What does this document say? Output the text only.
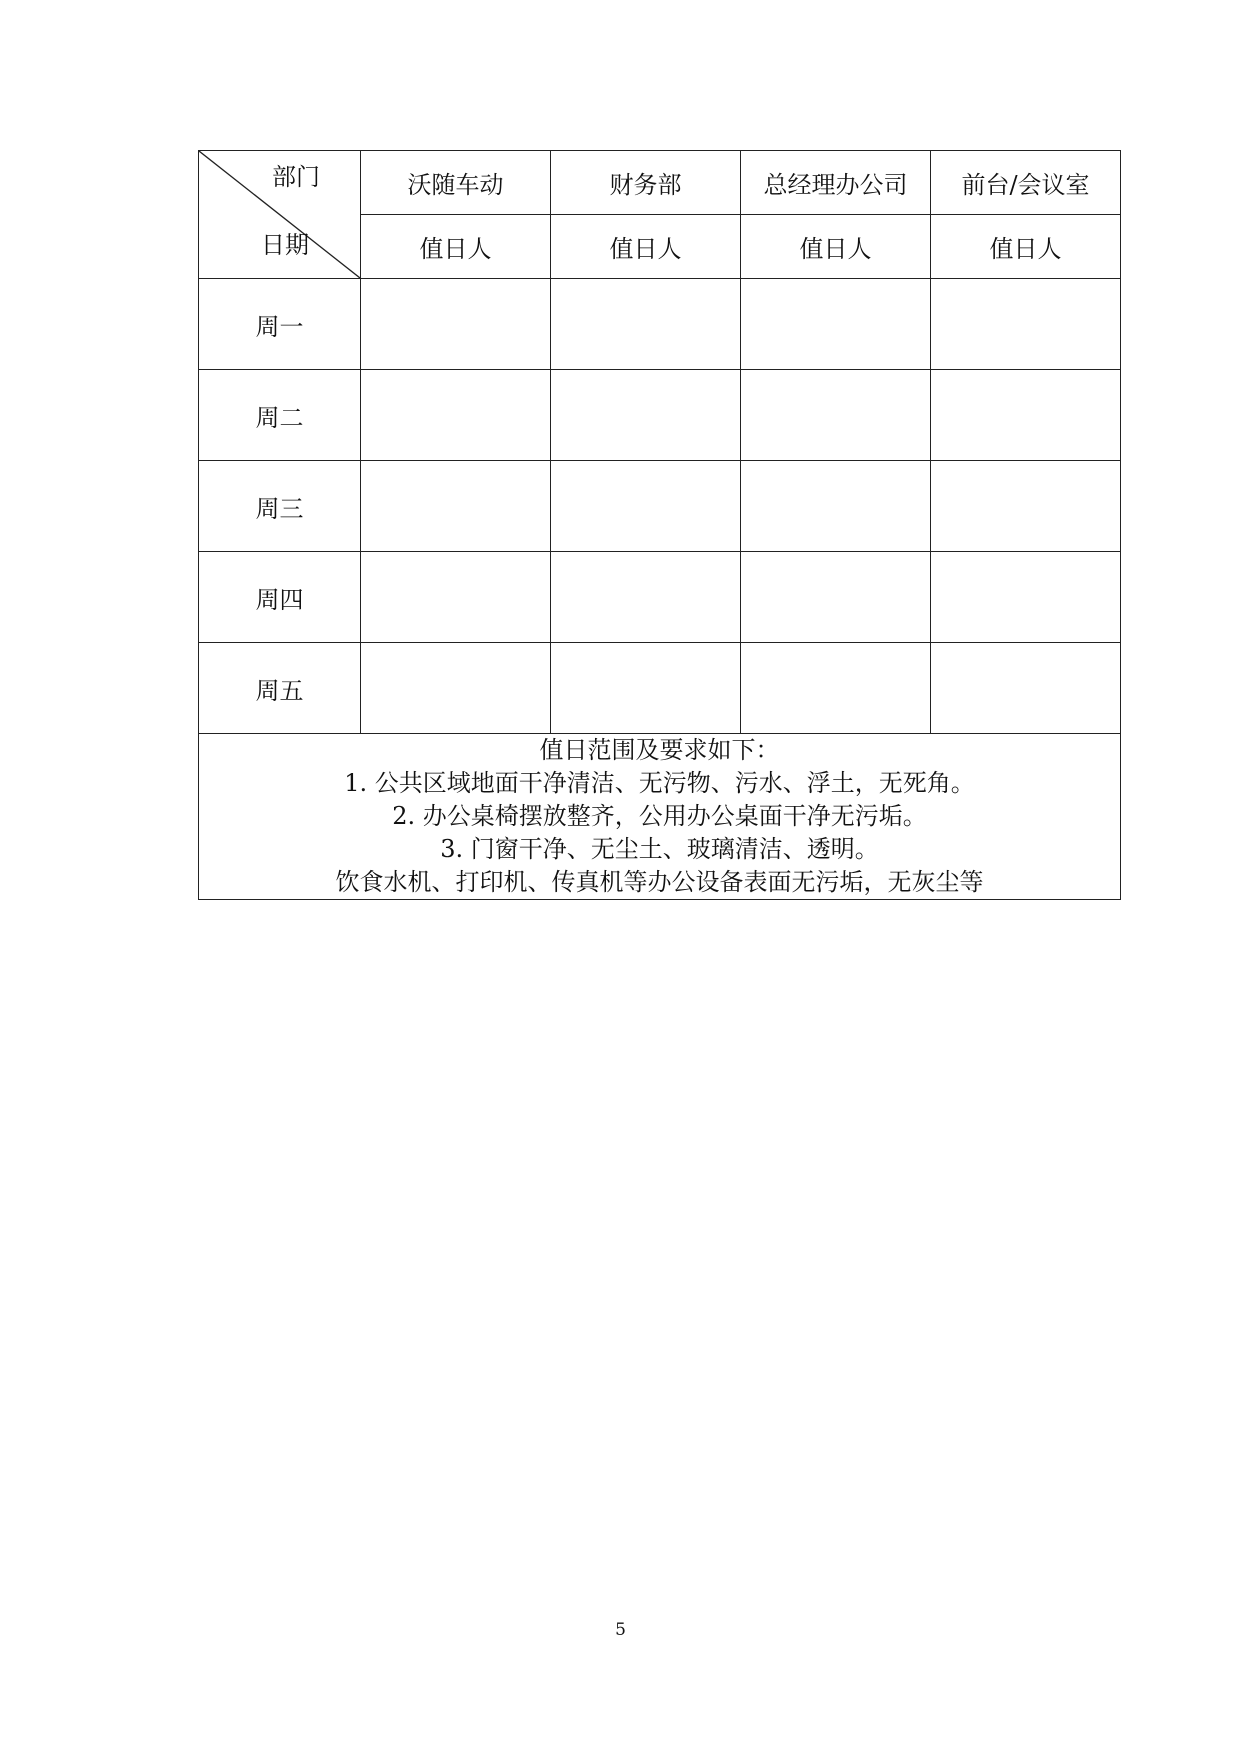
部门
日期	沃随车动	财务部	总经理办公司	前台/会议室
	值日人	值日人	值日人	值日人
周一				
周二				
周三				
周四				
周五				

值日范围及要求如下：

1. 公共区域地面干净清洁、无污物、污水、浮土，无死角。

2. 办公桌椅摆放整齐，公用办公桌面干净无污垢。

3. 门窗干净、无尘土、玻璃清洁、透明。

饮食水机、打印机、传真机等办公设备表面无污垢，无灰尘等				

5
